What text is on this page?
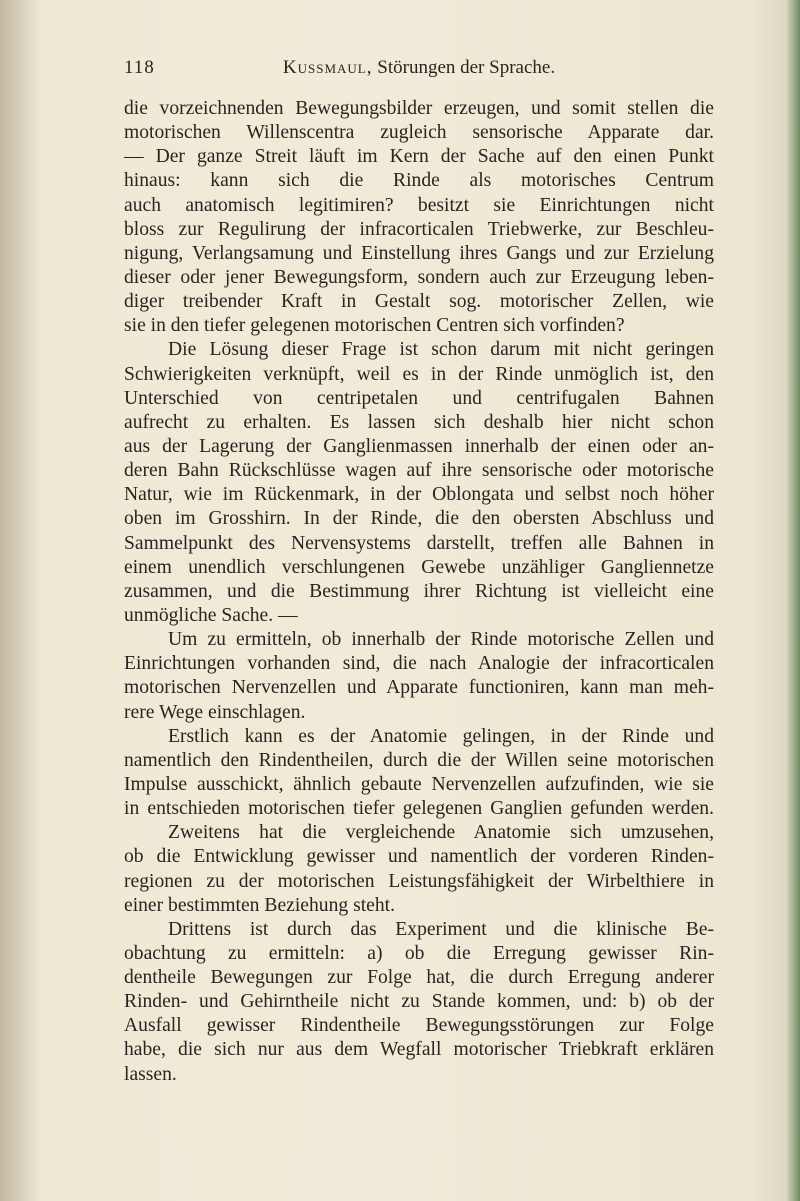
118	Kussmaul, Störungen der Sprache.
die vorzeichnenden Bewegungsbilder erzeugen, und somit stellen die
motorischen Willenscentra zugleich sensorische Apparate dar.
— Der ganze Streit läuft im Kern der Sache auf den einen Punkt
hinaus: kann sich die Rinde als motorisches Centrum
auch anatomisch legitimiren? besitzt sie Einrichtungen nicht
bloss zur Regulirung der infracorticalen Triebwerke, zur Beschleu-
nigung, Verlangsamung und Einstellung ihres Gangs und zur Erzielung
dieser oder jener Bewegungsform, sondern auch zur Erzeugung leben-
diger treibender Kraft in Gestalt sog. motorischer Zellen, wie
sie in den tiefer gelegenen motorischen Centren sich vorfinden?
Die Lösung dieser Frage ist schon darum mit nicht geringen
Schwierigkeiten verknüpft, weil es in der Rinde unmöglich ist, den
Unterschied von centripetalen und centrifugalen Bahnen
aufrecht zu erhalten. Es lassen sich deshalb hier nicht schon
aus der Lagerung der Ganglienmassen innerhalb der einen oder an-
deren Bahn Rückschlüsse wagen auf ihre sensorische oder motorische
Natur, wie im Rückenmark, in der Oblongata und selbst noch höher
oben im Grosshirn. In der Rinde, die den obersten Abschluss und
Sammelpunkt des Nervensystems darstellt, treffen alle Bahnen in
einem unendlich verschlungenen Gewebe unzähliger Gangliennetze
zusammen, und die Bestimmung ihrer Richtung ist vielleicht eine
unmögliche Sache. —
Um zu ermitteln, ob innerhalb der Rinde motorische Zellen und
Einrichtungen vorhanden sind, die nach Analogie der infracorticalen
motorischen Nervenzellen und Apparate functioniren, kann man meh-
rere Wege einschlagen.
Erstlich kann es der Anatomie gelingen, in der Rinde und
namentlich den Rindentheilen, durch die der Willen seine motorischen
Impulse ausschickt, ähnlich gebaute Nervenzellen aufzufinden, wie sie
in entschieden motorischen tiefer gelegenen Ganglien gefunden werden.
Zweitens hat die vergleichende Anatomie sich umzusehen,
ob die Entwicklung gewisser und namentlich der vorderen Rinden-
regionen zu der motorischen Leistungsfähigkeit der Wirbelthiere in
einer bestimmten Beziehung steht.
Drittens ist durch das Experiment und die klinische Be-
obachtung zu ermitteln: a) ob die Erregung gewisser Rin-
dentheile Bewegungen zur Folge hat, die durch Erregung anderer
Rinden- und Gehirntheile nicht zu Stande kommen, und: b) ob der
Ausfall gewisser Rindentheile Bewegungsstörungen zur Folge
habe, die sich nur aus dem Wegfall motorischer Triebkraft erklären
lassen.
